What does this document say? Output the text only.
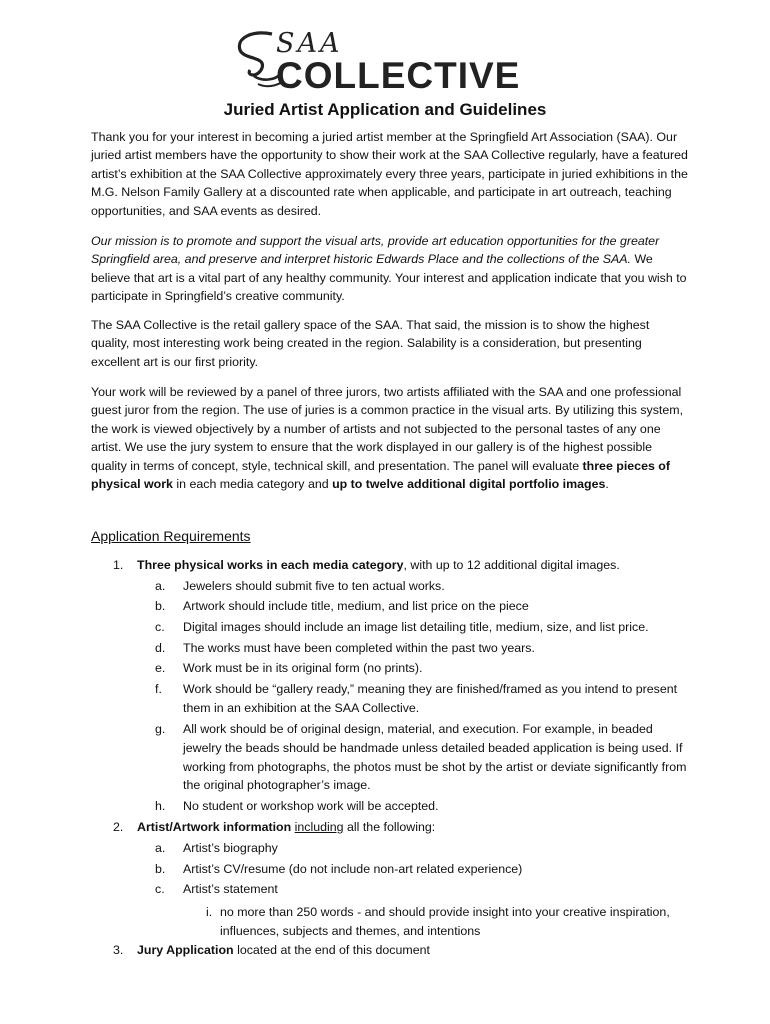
SAA
COLLECTIVE
Juried Artist Application and Guidelines

Thank you for your interest in becoming a juried artist member at the Springfield Art Association (SAA). Our juried artist members have the opportunity to show their work at the SAA Collective regularly, have a featured artist’s exhibition at the SAA Collective approximately every three years, participate in juried exhibitions in the M.G. Nelson Family Gallery at a discounted rate when applicable, and participate in art outreach, teaching opportunities, and SAA events as desired.

Our mission is to promote and support the visual arts, provide art education opportunities for the greater Springfield area, and preserve and interpret historic Edwards Place and the collections of the SAA. We believe that art is a vital part of any healthy community. Your interest and application indicate that you wish to participate in Springfield’s creative community.

The SAA Collective is the retail gallery space of the SAA. That said, the mission is to show the highest quality, most interesting work being created in the region. Salability is a consideration, but presenting excellent art is our first priority.

Your work will be reviewed by a panel of three jurors, two artists affiliated with the SAA and one professional guest juror from the region. The use of juries is a common practice in the visual arts. By utilizing this system, the work is viewed objectively by a number of artists and not subjected to the personal tastes of any one artist. We use the jury system to ensure that the work displayed in our gallery is of the highest possible quality in terms of concept, style, technical skill, and presentation. The panel will evaluate three pieces of physical work in each media category and up to twelve additional digital portfolio images.

Application Requirements
1. Three physical works in each media category, with up to 12 additional digital images.
a. Jewelers should submit five to ten actual works.
b. Artwork should include title, medium, and list price on the piece
c. Digital images should include an image list detailing title, medium, size, and list price.
d. The works must have been completed within the past two years.
e. Work must be in its original form (no prints).
f. Work should be “gallery ready,” meaning they are finished/framed as you intend to present them in an exhibition at the SAA Collective.
g. All work should be of original design, material, and execution. For example, in beaded jewelry the beads should be handmade unless detailed beaded application is being used. If working from photographs, the photos must be shot by the artist or deviate significantly from the original photographer’s image.
h. No student or workshop work will be accepted.
2. Artist/Artwork information including all the following:
a. Artist’s biography
b. Artist’s CV/resume (do not include non-art related experience)
c. Artist’s statement
i. no more than 250 words - and should provide insight into your creative inspiration, influences, subjects and themes, and intentions
3. Jury Application located at the end of this document
